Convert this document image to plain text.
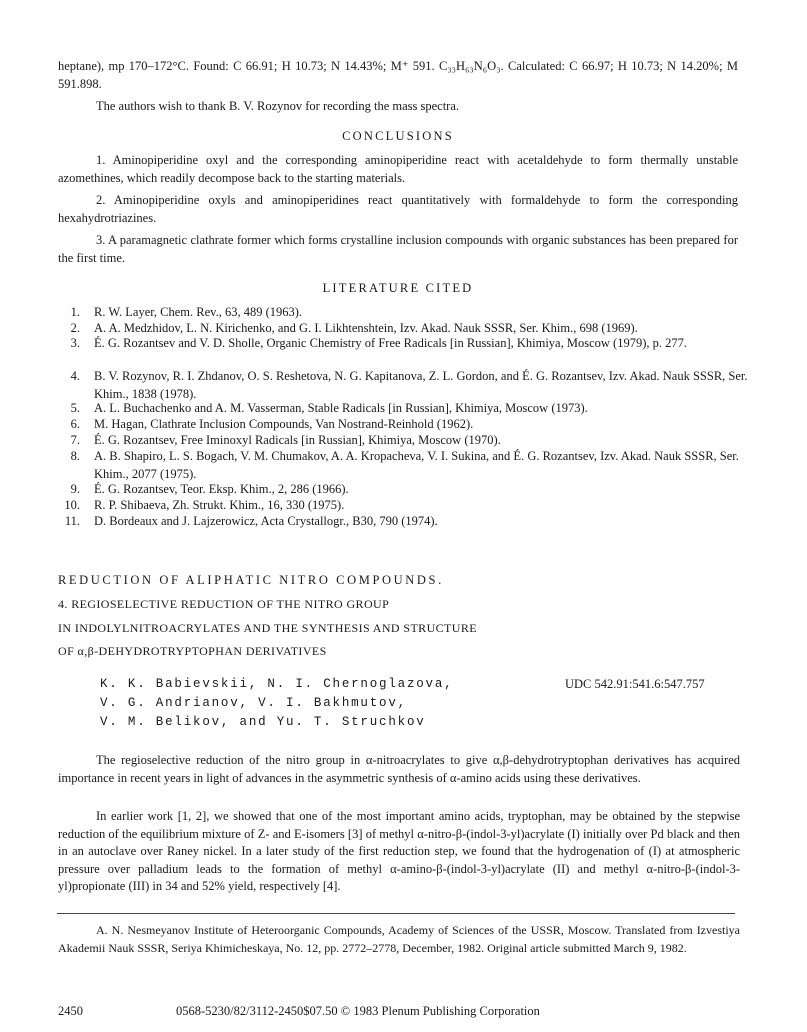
heptane), mp 170–172°C. Found: C 66.91; H 10.73; N 14.43%; M⁺ 591. C₃₃H₆₃N₆O₃. Calculated: C 66.97; H 10.73; N 14.20%; M 591.898.

The authors wish to thank B. V. Rozynov for recording the mass spectra.

CONCLUSIONS

1. Aminopiperidine oxyl and the corresponding aminopiperidine react with acetaldehyde to form thermally unstable azomethines, which readily decompose back to the starting materials.

2. Aminopiperidine oxyls and aminopiperidines react quantitatively with formaldehyde to form the corresponding hexahydrotriazines.

3. A paramagnetic clathrate former which forms crystalline inclusion compounds with organic substances has been prepared for the first time.

LITERATURE CITED
1. R. W. Layer, Chem. Rev., 63, 489 (1963).
2. A. A. Medzhidov, L. N. Kirichenko, and G. I. Likhtenshtein, Izv. Akad. Nauk SSSR, Ser. Khim., 698 (1969).
3. É. G. Rozantsev and V. D. Sholle, Organic Chemistry of Free Radicals [in Russian], Khimiya, Moscow (1979), p. 277.
4. B. V. Rozynov, R. I. Zhdanov, O. S. Reshetova, N. G. Kapitanova, Z. L. Gordon, and É. G. Rozantsev, Izv. Akad. Nauk SSSR, Ser. Khim., 1838 (1978).
5. A. L. Buchachenko and A. M. Vasserman, Stable Radicals [in Russian], Khimiya, Moscow (1973).
6. M. Hagan, Clathrate Inclusion Compounds, Van Nostrand-Reinhold (1962).
7. É. G. Rozantsev, Free Iminoxyl Radicals [in Russian], Khimiya, Moscow (1970).
8. A. B. Shapiro, L. S. Bogach, V. M. Chumakov, A. A. Kropacheva, V. I. Sukina, and É. G. Rozantsev, Izv. Akad. Nauk SSSR, Ser. Khim., 2077 (1975).
9. É. G. Rozantsev, Teor. Eksp. Khim., 2, 286 (1966).
10. R. P. Shibaeva, Zh. Strukt. Khim., 16, 330 (1975).
11. D. Bordeaux and J. Lajzerowicz, Acta Crystallogr., B30, 790 (1974).
REDUCTION OF ALIPHATIC NITRO COMPOUNDS.
4. REGIOSELECTIVE REDUCTION OF THE NITRO GROUP
IN INDOLYLNITROACRYLATES AND THE SYNTHESIS AND STRUCTURE
OF α,β-DEHYDROTRYPTOPHAN DERIVATIVES
K. K. Babievskii, N. I. Chernoglazova,
V. G. Andrianov, V. I. Bakhmutov,
V. M. Belikov, and Yu. T. Struchkov
UDC 542.91:541.6:547.757

The regioselective reduction of the nitro group in α-nitroacrylates to give α,β-dehydrotryptophan derivatives has acquired importance in recent years in light of advances in the asymmetric synthesis of α-amino acids using these derivatives.

In earlier work [1, 2], we showed that one of the most important amino acids, tryptophan, may be obtained by the stepwise reduction of the equilibrium mixture of Z- and E-isomers [3] of methyl α-nitro-β-(indol-3-yl)acrylate (I) initially over Pd black and then in an autoclave over Raney nickel. In a later study of the first reduction step, we found that the hydrogenation of (I) at atmospheric pressure over palladium leads to the formation of methyl α-amino-β-(indol-3-yl)acrylate (II) and methyl α-nitro-β-(indol-3-yl)propionate (III) in 34 and 52% yield, respectively [4].

A. N. Nesmeyanov Institute of Heteroorganic Compounds, Academy of Sciences of the USSR, Moscow. Translated from Izvestiya Akademii Nauk SSSR, Seriya Khimicheskaya, No. 12, pp. 2772–2778, December, 1982. Original article submitted March 9, 1982.

2450	0568-5230/82/3112-2450$07.50 © 1983 Plenum Publishing Corporation
